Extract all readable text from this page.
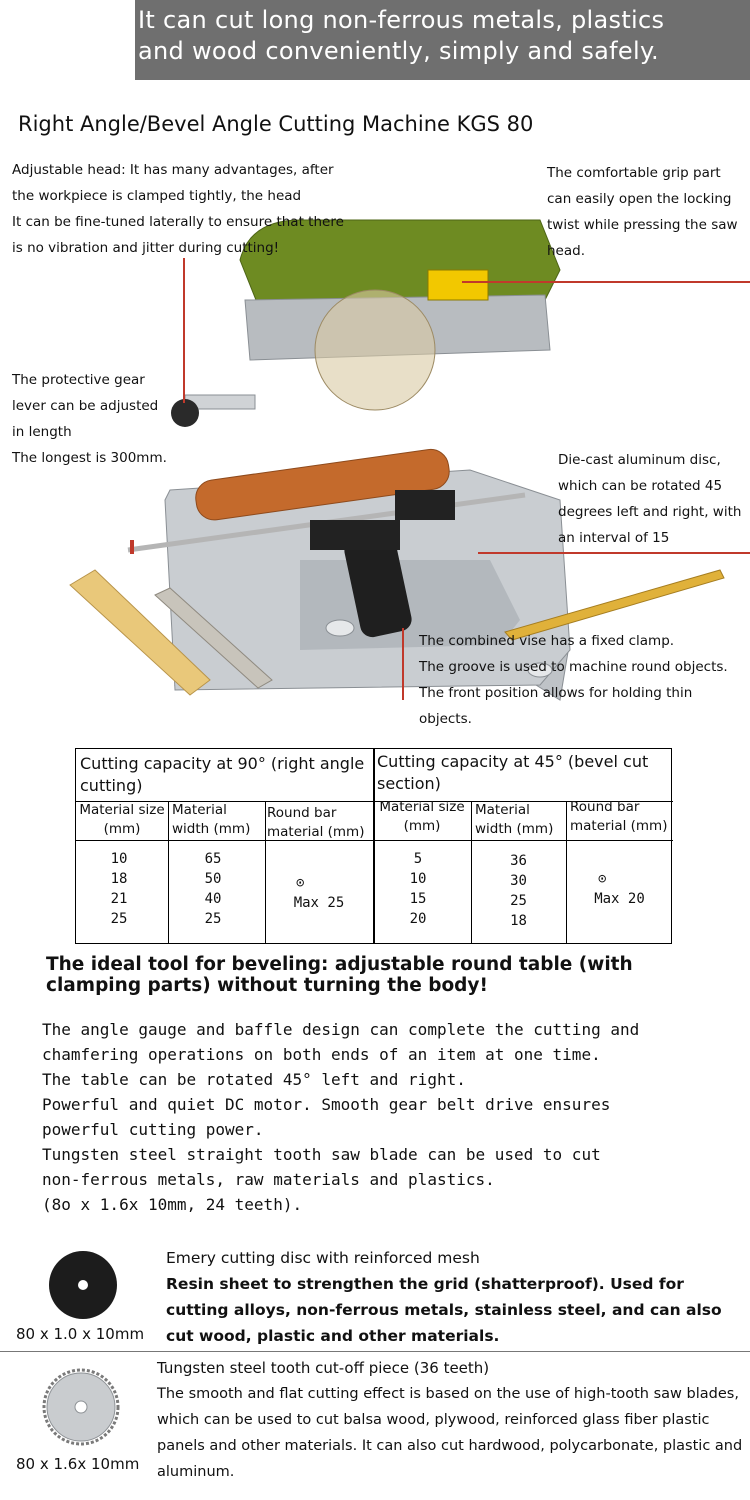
It can cut long non-ferrous metals, plastics
and wood conveniently, simply and safely.
Right Angle/Bevel Angle Cutting Machine KGS 80
Adjustable head: It has many advantages, after
the workpiece is clamped tightly, the head
It can be fine-tuned laterally to ensure that there
is no vibration and jitter during cutting!
The comfortable grip part
can easily open the locking
twist while pressing the saw
head.
The protective gear
lever can be adjusted
in length
The longest is 300mm.	Die-cast aluminum disc,
which can be rotated 45
degrees left and right, with
an interval of 15
The combined vise has a fixed clamp.
The groove is used to machine round objects.
The front position allows for holding thin
objects.
Cutting capacity at 90° (right angle cutting)
Material size (mm)
Material width (mm)
Round bar material (mm)
10
18
21
25
65
50
40
25
⊙
Max 25
Cutting capacity at 45° (bevel cut section)
Material size (mm)
Material width (mm)
Round bar material (mm)
5
10
15
20
36
30
25
18
⊙
Max 20
The ideal tool for beveling: adjustable round table (with clamping parts) without turning the body!
The angle gauge and baffle design can complete the cutting and
chamfering operations on both ends of an item at one time.
The table can be rotated 45° left and right.
Powerful and quiet DC motor. Smooth gear belt drive ensures
powerful cutting power.
Tungsten steel straight tooth saw blade can be used to cut
non-ferrous metals, raw materials and plastics.
(8o x 1.6x 10mm, 24 teeth).
Emery cutting disc with reinforced mesh
Resin sheet to strengthen the grid (shatterproof). Used for cutting alloys, non-ferrous metals, stainless steel, and can also cut wood, plastic and other materials.
80 x 1.0 x 10mm
Tungsten steel tooth cut-off piece (36 teeth)
The smooth and flat cutting effect is based on the use of high-tooth saw blades, which can be used to cut balsa wood, plywood, reinforced glass fiber plastic panels and other materials. It can also cut hardwood, polycarbonate, plastic and aluminum.
80 x 1.6x 10mm
